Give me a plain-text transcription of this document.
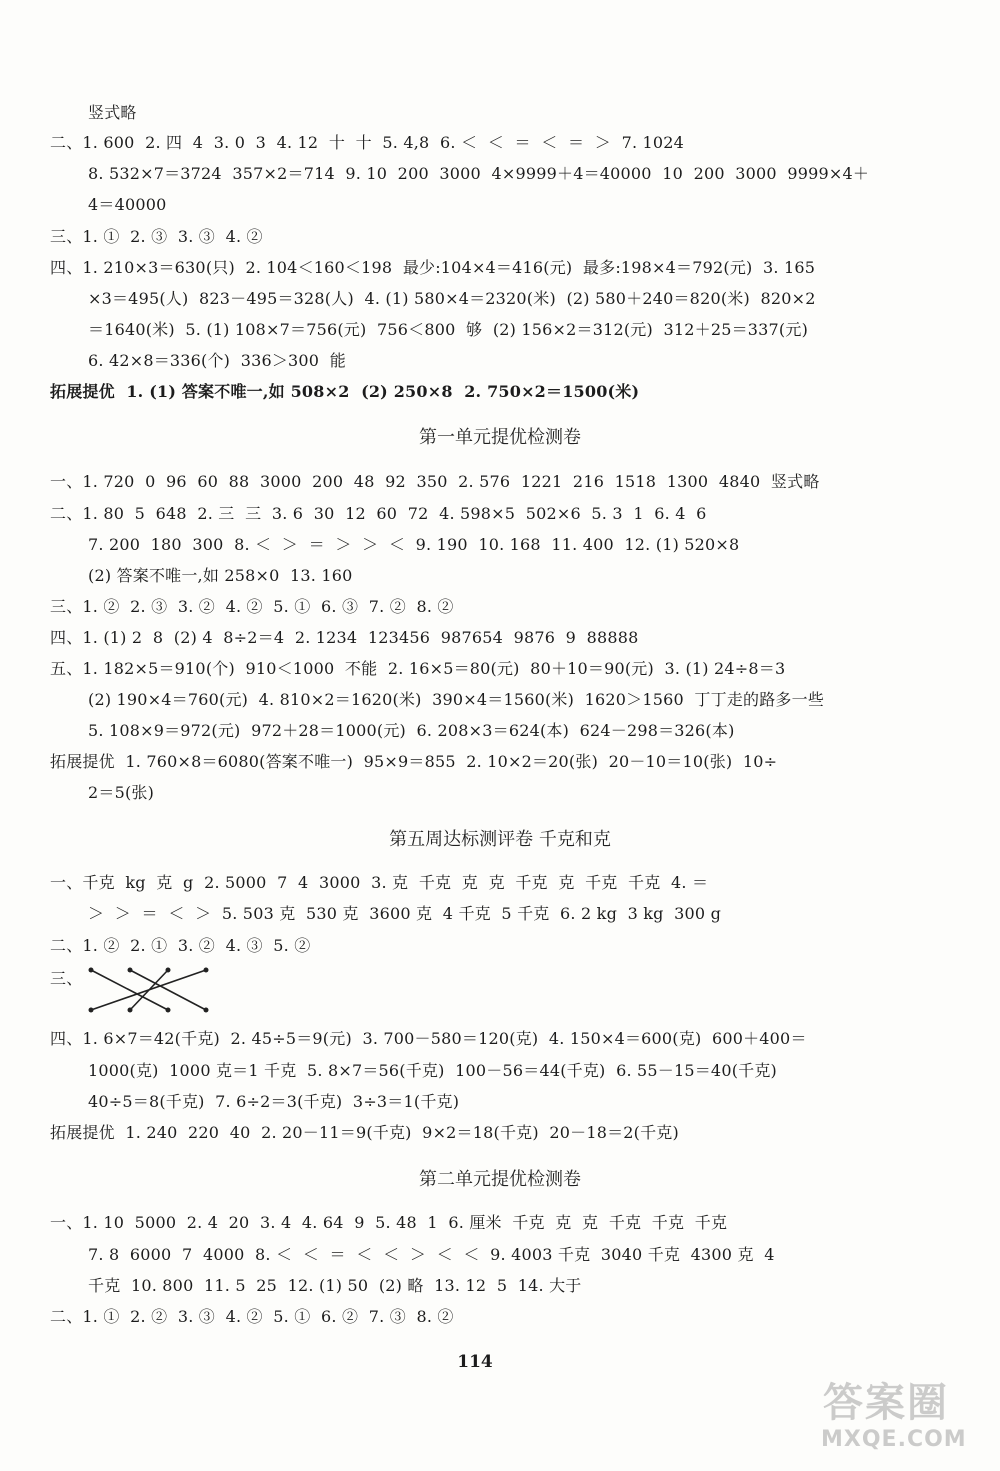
竖式略
二、1. 600  2. 四  4  3. 0  3  4. 12  十  十  5. 4,8  6. ＜  ＜  ＝  ＜  ＝  ＞  7. 1024
8. 532×7＝3724  357×2＝714  9. 10  200  3000  4×9999＋4＝40000  10  200  3000  9999×4＋
4＝40000
三、1. ①  2. ③  3. ③  4. ②
四、1. 210×3＝630(只)  2. 104＜160＜198  最少:104×4＝416(元)  最多:198×4＝792(元)  3. 165
×3＝495(人)  823－495＝328(人)  4. (1) 580×4＝2320(米)  (2) 580＋240＝820(米)  820×2
＝1640(米)  5. (1) 108×7＝756(元)  756＜800  够  (2) 156×2＝312(元)  312＋25＝337(元)
6. 42×8＝336(个)  336＞300  能
拓展提优  1. (1) 答案不唯一,如 508×2  (2) 250×8  2. 750×2＝1500(米)
第一单元提优检测卷
一、1. 720  0  96  60  88  3000  200  48  92  350  2. 576  1221  216  1518  1300  4840  竖式略
二、1. 80  5  648  2. 三  三  3. 6  30  12  60  72  4. 598×5  502×6  5. 3  1  6. 4  6
7. 200  180  300  8. ＜  ＞  ＝  ＞  ＞  ＜  9. 190  10. 168  11. 400  12. (1) 520×8
(2) 答案不唯一,如 258×0  13. 160
三、1. ②  2. ③  3. ②  4. ②  5. ①  6. ③  7. ②  8. ②
四、1. (1) 2  8  (2) 4  8÷2＝4  2. 1234  123456  987654  9876  9  88888
五、1. 182×5＝910(个)  910＜1000  不能  2. 16×5＝80(元)  80＋10＝90(元)  3. (1) 24÷8＝3
(2) 190×4＝760(元)  4. 810×2＝1620(米)  390×4＝1560(米)  1620＞1560  丁丁走的路多一些
5. 108×9＝972(元)  972＋28＝1000(元)  6. 208×3＝624(本)  624－298＝326(本)
拓展提优  1. 760×8＝6080(答案不唯一)  95×9＝855  2. 10×2＝20(张)  20－10＝10(张)  10÷
2＝5(张)
第五周达标测评卷 千克和克
一、千克  kg  克  g  2. 5000  7  4  3000  3. 克  千克  克  克  千克  克  千克  千克  4. ＝
＞  ＞  ＝  ＜  ＞  5. 503 克  530 克  3600 克  4 千克  5 千克  6. 2 kg  3 kg  300 g
二、1. ②  2. ①  3. ②  4. ③  5. ②
三、
四、1. 6×7＝42(千克)  2. 45÷5＝9(元)  3. 700－580＝120(克)  4. 150×4＝600(克)  600＋400＝
1000(克)  1000 克＝1 千克  5. 8×7＝56(千克)  100－56＝44(千克)  6. 55－15＝40(千克)
40÷5＝8(千克)  7. 6÷2＝3(千克)  3÷3＝1(千克)
拓展提优  1. 240  220  40  2. 20－11＝9(千克)  9×2＝18(千克)  20－18＝2(千克)
第二单元提优检测卷
一、1. 10  5000  2. 4  20  3. 4  4. 64  9  5. 48  1  6. 厘米  千克  克  克  千克  千克  千克
7. 8  6000  7  4000  8. ＜  ＜  ＝  ＜  ＜  ＞  ＜  ＜  9. 4003 千克  3040 千克  4300 克  4
千克  10. 800  11. 5  25  12. (1) 50  (2) 略  13. 12  5  14. 大于
二、1. ①  2. ②  3. ③  4. ②  5. ①  6. ②  7. ③  8. ②
114
答案圈
MXQE.COM
